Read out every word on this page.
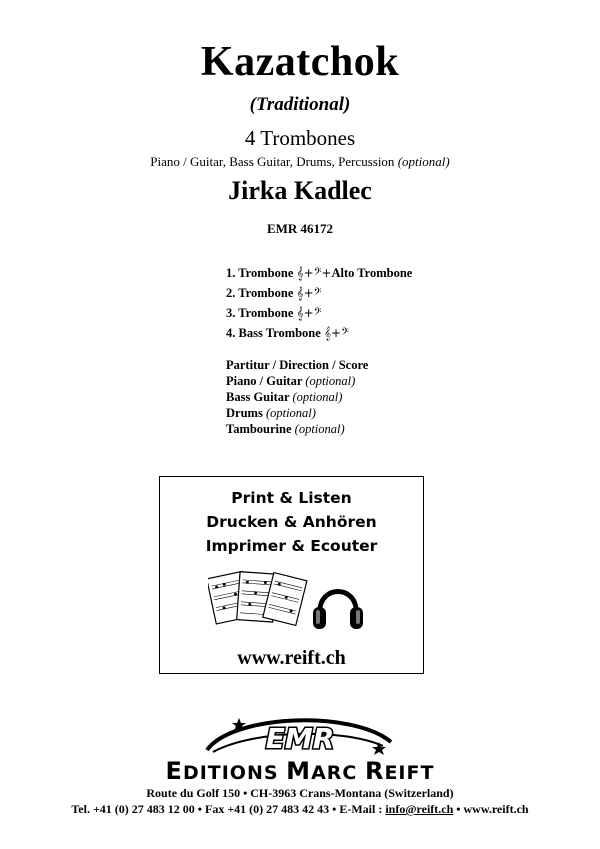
Kazatchok
(Traditional)
4 Trombones
Piano / Guitar, Bass Guitar, Drums, Percussion (optional)
Jirka Kadlec
EMR 46172
1. Trombone 𝄞+𝄢+Alto Trombone
2. Trombone 𝄞+𝄢
3. Trombone 𝄞+𝄢
4. Bass Trombone 𝄞+𝄢
Partitur / Direction / Score
Piano / Guitar (optional)
Bass Guitar (optional)
Drums (optional)
Tambourine (optional)
Print & Listen
Drucken & Anhören
Imprimer & Ecouter
www.reift.ch
EMR
EDITIONS MARC REIFT
Route du Golf 150 • CH-3963 Crans-Montana (Switzerland)
Tel. +41 (0) 27 483 12 00 • Fax +41 (0) 27 483 42 43 • E-Mail : info@reift.ch • www.reift.ch
